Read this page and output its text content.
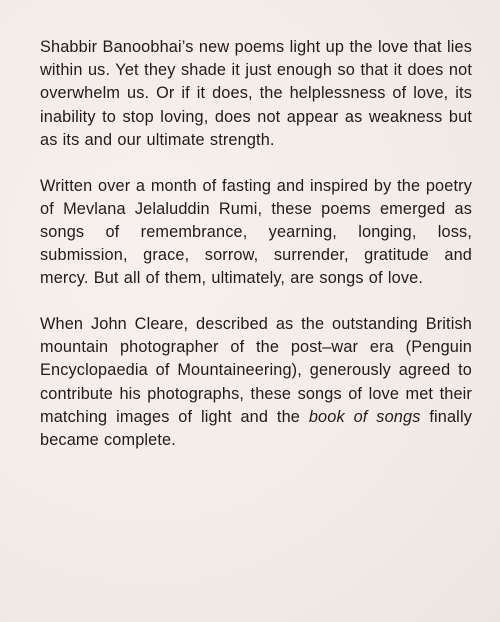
Shabbir Banoobhai’s new poems light up the love that lies within us. Yet they shade it just enough so that it does not overwhelm us. Or if it does, the helplessness of love, its inability to stop loving, does not appear as weakness but as its and our ultimate strength.

Written over a month of fasting and inspired by the poetry of Mevlana Jelaluddin Rumi, these poems emerged as songs of remembrance, yearning, longing, loss, submission, grace, sorrow, surrender, gratitude and mercy. But all of them, ultimately, are songs of love.

When John Cleare, described as the outstanding British mountain photographer of the post–war era (Penguin Encyclopaedia of Mountaineering), generously agreed to contribute his photographs, these songs of love met their matching images of light and the book of songs finally became complete.
